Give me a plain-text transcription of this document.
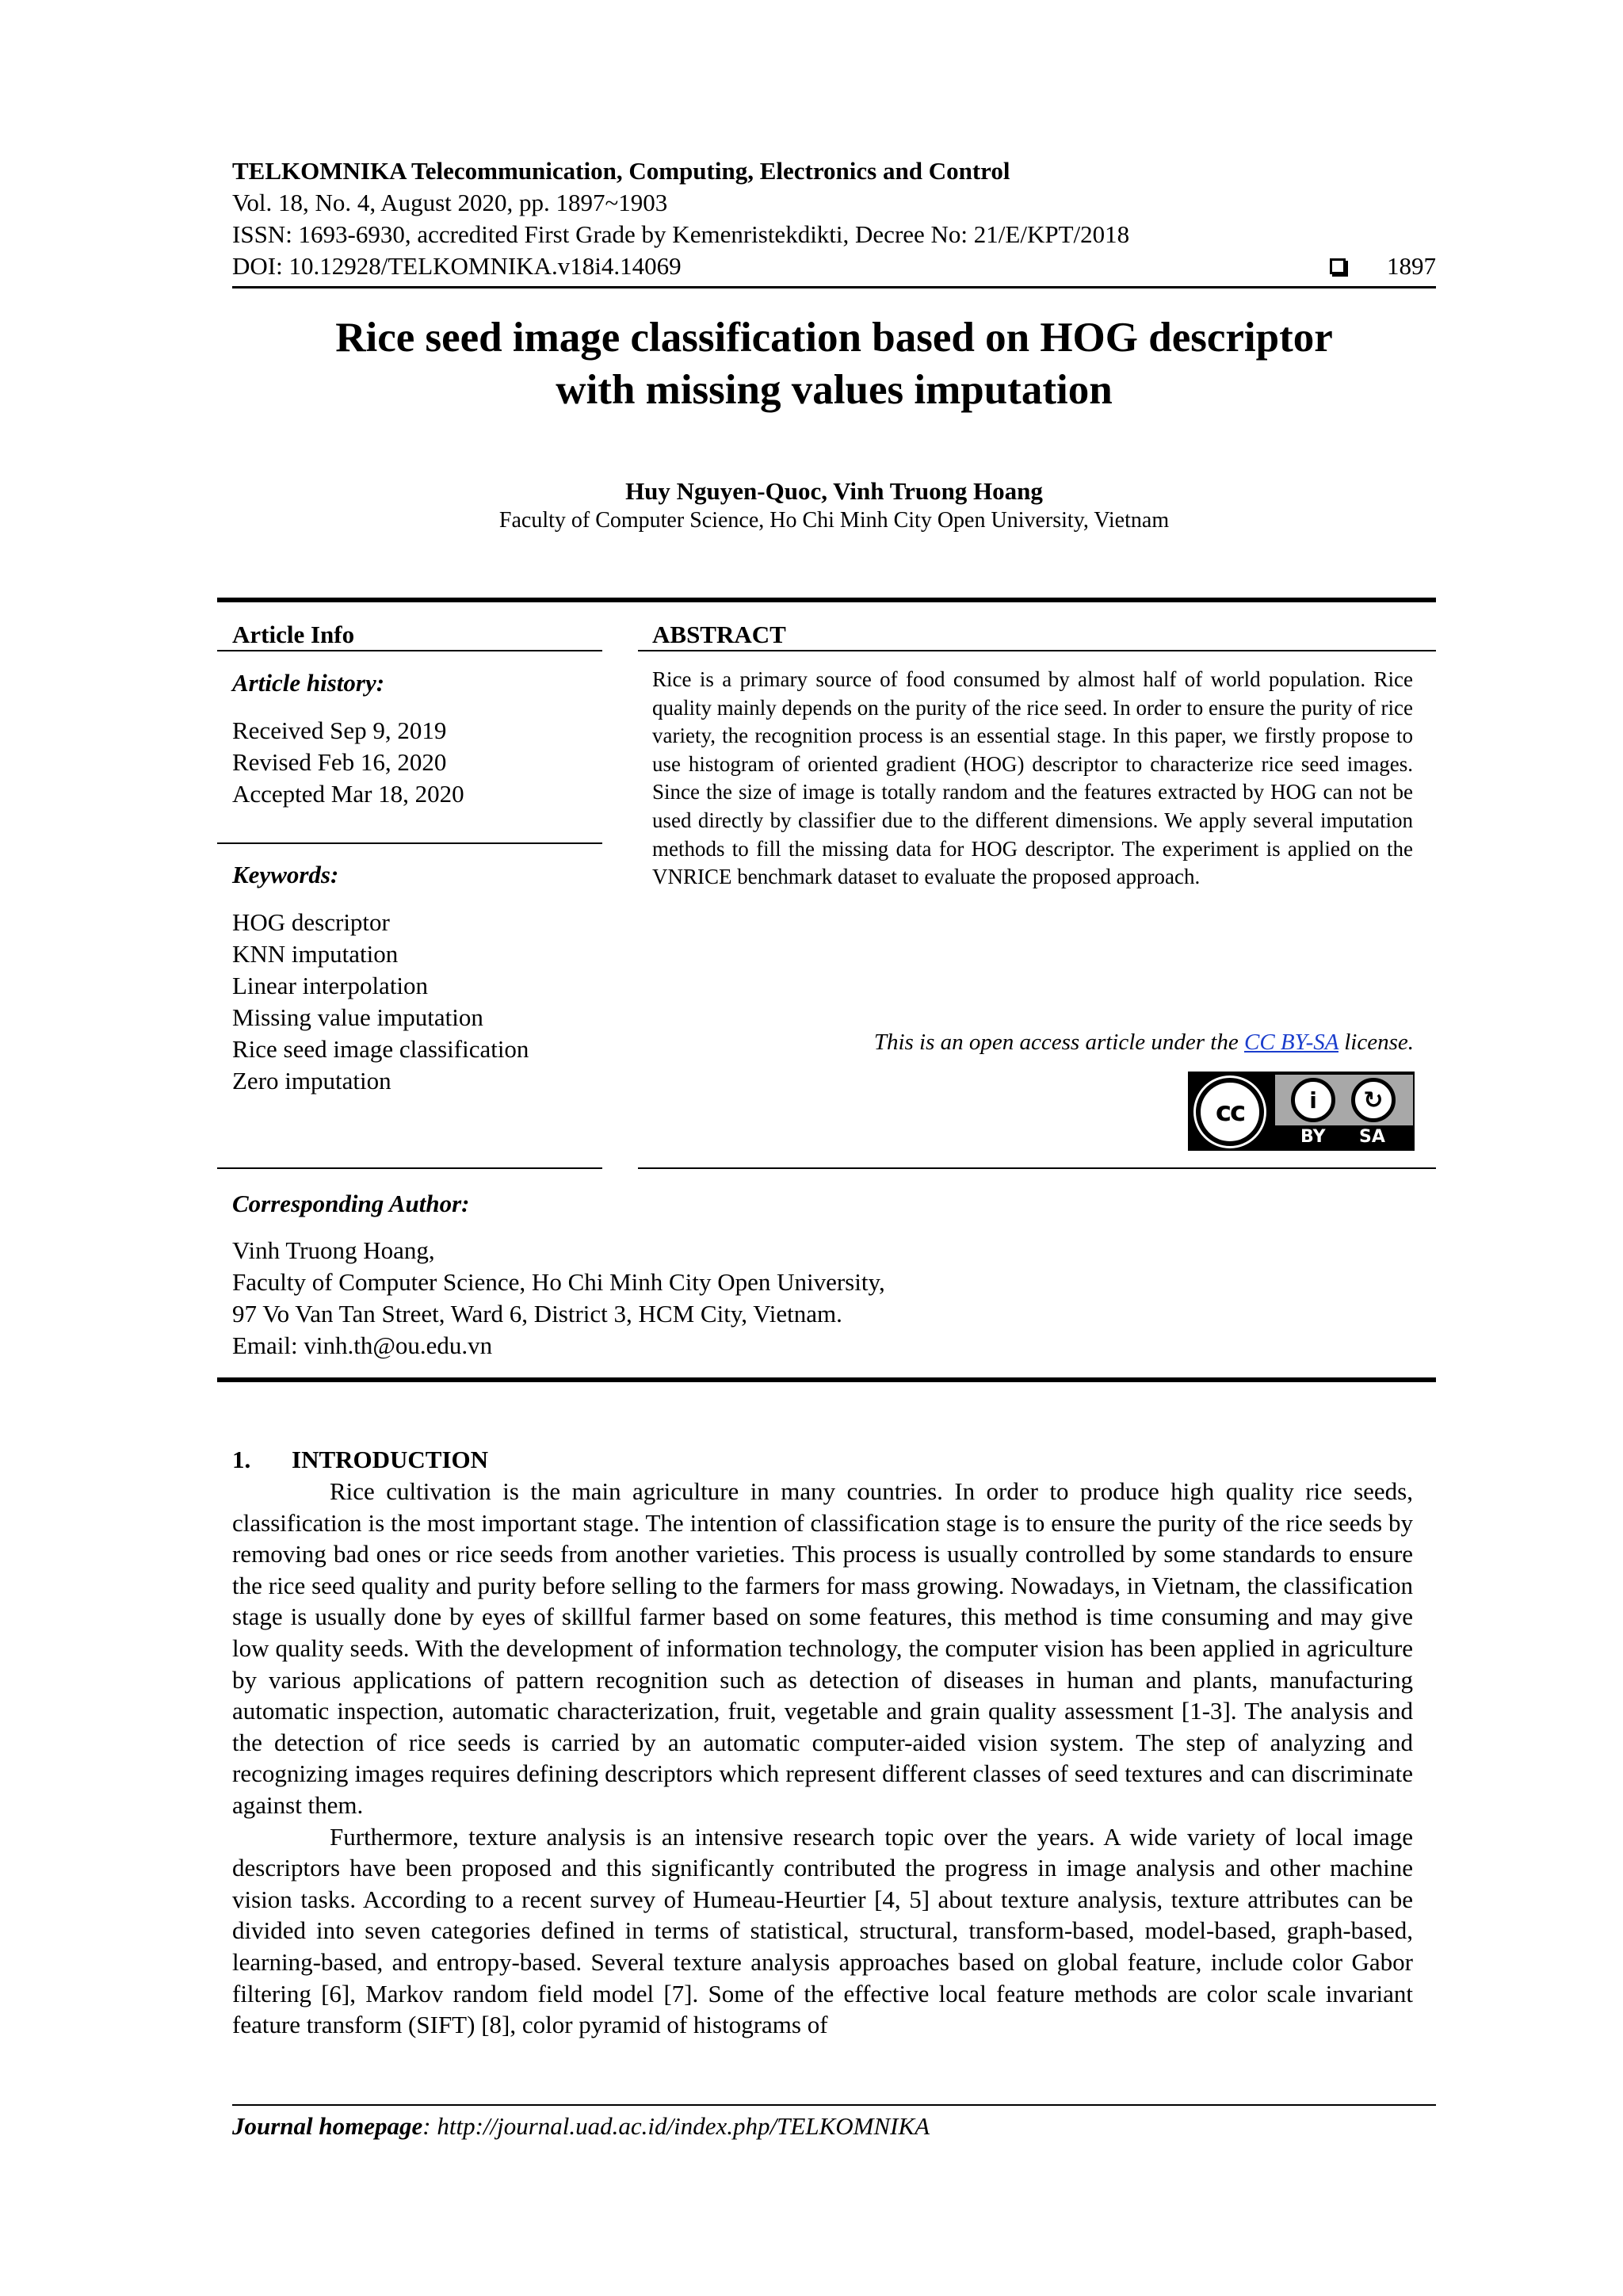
TELKOMNIKA Telecommunication, Computing, Electronics and Control
Vol. 18, No. 4, August 2020, pp. 1897~1903
ISSN: 1693-6930, accredited First Grade by Kemenristekdikti, Decree No: 21/E/KPT/2018
DOI: 10.12928/TELKOMNIKA.v18i4.14069	1897
Rice seed image classification based on HOG descriptor
with missing values imputation
Huy Nguyen-Quoc, Vinh Truong Hoang
Faculty of Computer Science, Ho Chi Minh City Open University, Vietnam
Article Info
Article history:
Received Sep 9, 2019
Revised Feb 16, 2020
Accepted Mar 18, 2020
Keywords:
HOG descriptor
KNN imputation
Linear interpolation
Missing value imputation
Rice seed image classification
Zero imputation
ABSTRACT
Rice is a primary source of food consumed by almost half of world population. Rice quality mainly depends on the purity of the rice seed. In order to ensure the purity of rice variety, the recognition process is an essential stage. In this paper, we firstly propose to use histogram of oriented gradient (HOG) descriptor to characterize rice seed images. Since the size of image is totally random and the features extracted by HOG can not be used directly by classifier due to the different dimensions. We apply several imputation methods to fill the missing data for HOG descriptor. The experiment is applied on the VNRICE benchmark dataset to evaluate the proposed approach.
This is an open access article under the CC BY-SA license.
cc	i	↻
BY SA
Corresponding Author:
Vinh Truong Hoang,
Faculty of Computer Science, Ho Chi Minh City Open University,
97 Vo Van Tan Street, Ward 6, District 3, HCM City, Vietnam.
Email: vinh.th@ou.edu.vn
1.	INTRODUCTION

Rice cultivation is the main agriculture in many countries. In order to produce high quality rice seeds, classification is the most important stage. The intention of classification stage is to ensure the purity of the rice seeds by removing bad ones or rice seeds from another varieties. This process is usually controlled by some standards to ensure the rice seed quality and purity before selling to the farmers for mass growing. Nowadays, in Vietnam, the classification stage is usually done by eyes of skillful farmer based on some features, this method is time consuming and may give low quality seeds. With the development of information technology, the computer vision has been applied in agriculture by various applications of pattern recognition such as detection of diseases in human and plants, manufacturing automatic inspection, automatic characterization, fruit, vegetable and grain quality assessment [1-3]. The analysis and the detection of rice seeds is carried by an automatic computer-aided vision system. The step of analyzing and recognizing images requires defining descriptors which represent different classes of seed textures and can discriminate against them.

Furthermore, texture analysis is an intensive research topic over the years. A wide variety of local image descriptors have been proposed and this significantly contributed the progress in image analysis and other machine vision tasks. According to a recent survey of Humeau-Heurtier [4, 5] about texture analysis, texture attributes can be divided into seven categories defined in terms of statistical, structural, transform-based, model-based, graph-based, learning-based, and entropy-based. Several texture analysis approaches based on global feature, include color Gabor filtering [6], Markov random field model [7]. Some of the effective local feature methods are color scale invariant feature transform (SIFT) [8], color pyramid of histograms of

Journal homepage: http://journal.uad.ac.id/index.php/TELKOMNIKA
